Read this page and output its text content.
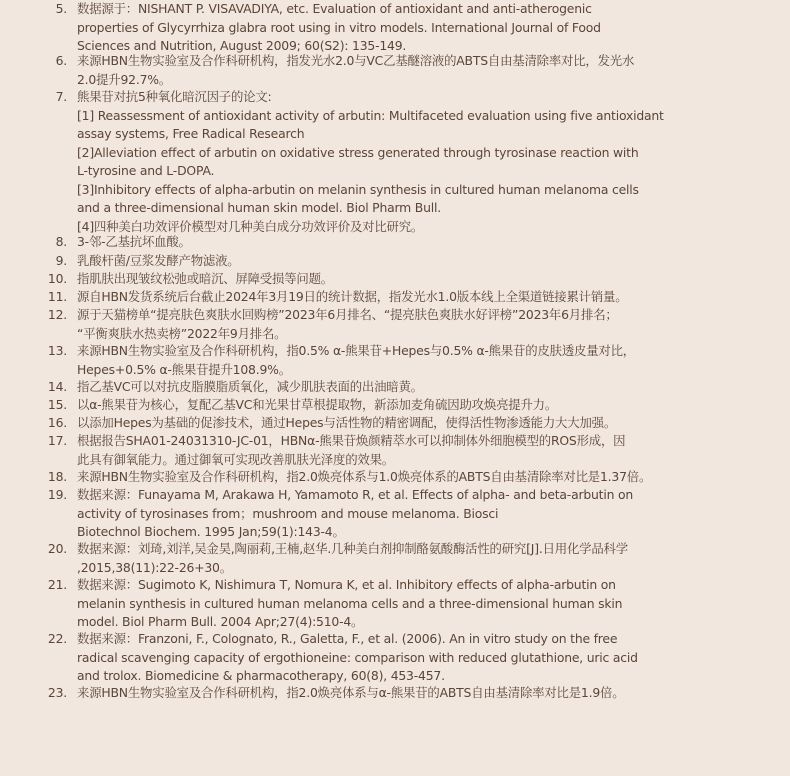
5. 数据源于：NISHANT P. VISAVADIYA, etc. Evaluation of antioxidant and anti-atherogenic
properties of Glycyrrhiza glabra root using in vitro models. International Journal of Food
Sciences and Nutrition, August 2009; 60(S2): 135-149.
6. 来源HBN生物实验室及合作科研机构，指发光水2.0与VC乙基醚溶液的ABTS自由基清除率对比，发光水
2.0提升92.7%。
7. 熊果苷对抗5种氧化暗沉因子的论文:
[1] Reassessment of antioxidant activity of arbutin: Multifaceted evaluation using five antioxidant
assay systems, Free Radical Research
[2]Alleviation effect of arbutin on oxidative stress generated through tyrosinase reaction with
L-tyrosine and L-DOPA.
[3]Inhibitory effects of alpha-arbutin on melanin synthesis in cultured human melanoma cells
and a three-dimensional human skin model. Biol Pharm Bull.
[4]四种美白功效评价模型对几种美白成分功效评价及对比研究。
8. 3-邻-乙基抗坏血酸。
9. 乳酸杆菌/豆浆发酵产物滤液。
10. 指肌肤出现皱纹松弛或暗沉、屏障受损等问题。
11. 源自HBN发货系统后台截止2024年3月19日的统计数据，指发光水1.0版本线上全渠道链接累计销量。
12. 源于天猫榜单“提亮肤色爽肤水回购榜”2023年6月排名、“提亮肤色爽肤水好评榜”2023年6月排名；
“平衡爽肤水热卖榜”2022年9月排名。
13. 来源HBN生物实验室及合作科研机构，指0.5% α-熊果苷+Hepes与0.5% α-熊果苷的皮肤透皮量对比，
Hepes+0.5% α-熊果苷提升108.9%。
14. 指乙基VC可以对抗皮脂膜脂质氧化，减少肌肤表面的出油暗黄。
15. 以α-熊果苷为核心，复配乙基VC和光果甘草根提取物，新添加麦角硫因助攻焕亮提升力。
16. 以添加Hepes为基础的促渗技术，通过Hepes与活性物的精密调配，使得活性物渗透能力大大加强。
17. 根据报告SHA01-24031310-JC-01，HBNα-熊果苷焕颜精萃水可以抑制体外细胞模型的ROS形成，因
此具有御氧能力。通过御氧可实现改善肌肤光泽度的效果。
18. 来源HBN生物实验室及合作科研机构，指2.0焕亮体系与1.0焕亮体系的ABTS自由基清除率对比是1.37倍。
19. 数据来源：Funayama M, Arakawa H, Yamamoto R, et al. Effects of alpha- and beta-arbutin on
activity of tyrosinases from；mushroom and mouse melanoma. Biosci
Biotechnol Biochem. 1995 Jan;59(1):143-4。
20. 数据来源：刘琦,刘洋,吴金昊,陶丽莉,王楠,赵华.几种美白剂抑制酪氨酸酶活性的研究[J].日用化学品科学
,2015,38(11):22-26+30。
21. 数据来源：Sugimoto K, Nishimura T, Nomura K, et al. Inhibitory effects of alpha-arbutin on
melanin synthesis in cultured human melanoma cells and a three-dimensional human skin
model. Biol Pharm Bull. 2004 Apr;27(4):510-4。
22. 数据来源：Franzoni, F., Colognato, R., Galetta, F., et al. (2006). An in vitro study on the free
radical scavenging capacity of ergothioneine: comparison with reduced glutathione, uric acid
and trolox. Biomedicine & pharmacotherapy, 60(8), 453-457.
23. 来源HBN生物实验室及合作科研机构，指2.0焕亮体系与α-熊果苷的ABTS自由基清除率对比是1.9倍。
